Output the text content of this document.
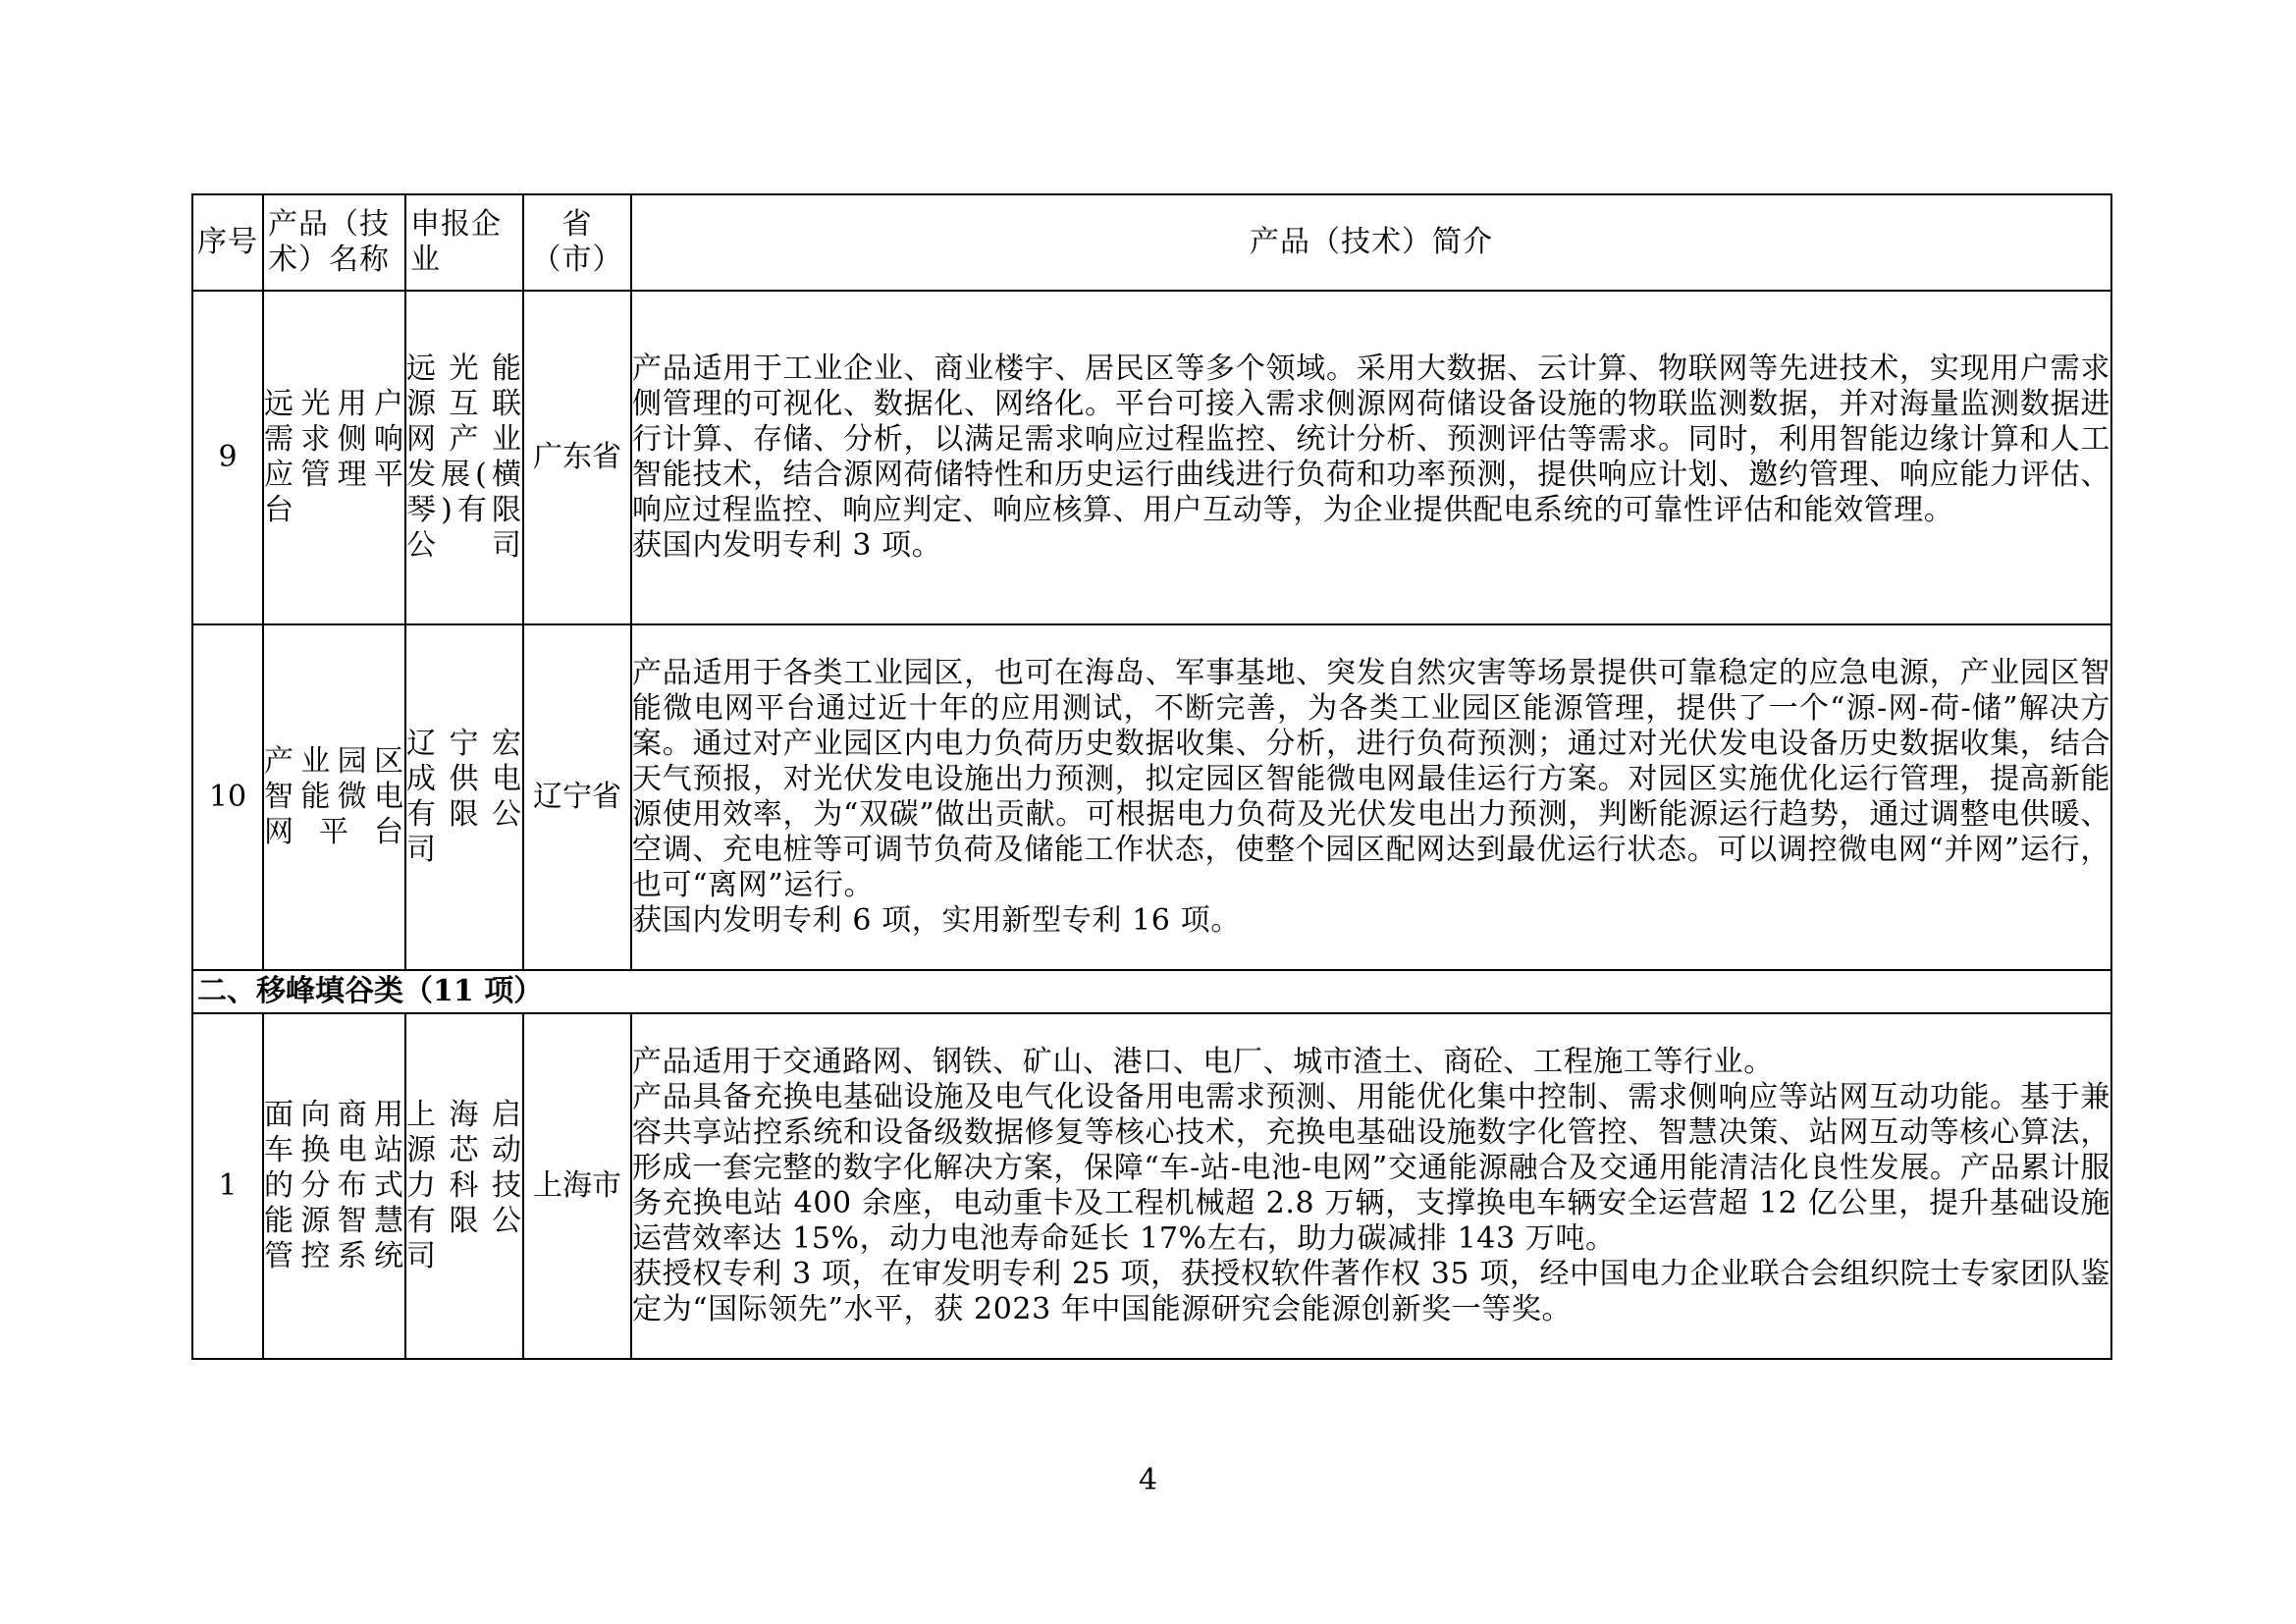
序号	产品（技术）名称	申报企业	省（市）	产品（技术）简介
9	远光用户需求侧响应管理平台	远光能源互联网产业发展(横琴)有限公司	广东省	产品适用于工业企业、商业楼宇、居民区等多个领域。采用大数据、云计算、物联网等先进技术，实现用户需求侧管理的可视化、数据化、网络化。平台可接入需求侧源网荷储设备设施的物联监测数据，并对海量监测数据进行计算、存储、分析，以满足需求响应过程监控、统计分析、预测评估等需求。同时，利用智能边缘计算和人工智能技术，结合源网荷储特性和历史运行曲线进行负荷和功率预测，提供响应计划、邀约管理、响应能力评估、响应过程监控、响应判定、响应核算、用户互动等，为企业提供配电系统的可靠性评估和能效管理。

获国内发明专利 3 项。

10	产业园区智能微电网平台	辽宁宏成供电有限公司	辽宁省	产品适用于各类工业园区，也可在海岛、军事基地、突发自然灾害等场景提供可靠稳定的应急电源，产业园区智能微电网平台通过近十年的应用测试，不断完善，为各类工业园区能源管理，提供了一个“源-网-荷-储”解决方案。通过对产业园区内电力负荷历史数据收集、分析，进行负荷预测；通过对光伏发电设备历史数据收集，结合天气预报，对光伏发电设施出力预测，拟定园区智能微电网最佳运行方案。对园区实施优化运行管理，提高新能源使用效率，为“双碳”做出贡献。可根据电力负荷及光伏发电出力预测，判断能源运行趋势，通过调整电供暖、空调、充电桩等可调节负荷及储能工作状态，使整个园区配网达到最优运行状态。可以调控微电网“并网”运行，也可“离网”运行。

获国内发明专利 6 项，实用新型专利 16 项。

二、移峰填谷类（11 项）				
1	面向商用车换电站的分布式能源智慧管控系统	上海启源芯动力科技有限公司	上海市	产品适用于交通路网、钢铁、矿山、港口、电厂、城市渣土、商砼、工程施工等行业。

产品具备充换电基础设施及电气化设备用电需求预测、用能优化集中控制、需求侧响应等站网互动功能。基于兼容共享站控系统和设备级数据修复等核心技术，充换电基础设施数字化管控、智慧决策、站网互动等核心算法，形成一套完整的数字化解决方案，保障“车-站-电池-电网”交通能源融合及交通用能清洁化良性发展。产品累计服务充换电站 400 余座，电动重卡及工程机械超 2.8 万辆，支撑换电车辆安全运营超 12 亿公里，提升基础设施运营效率达 15%，动力电池寿命延长 17%左右，助力碳减排 143 万吨。

获授权专利 3 项，在审发明专利 25 项，获授权软件著作权 35 项，经中国电力企业联合会组织院士专家团队鉴定为“国际领先”水平，获 2023 年中国能源研究会能源创新奖一等奖。

4
